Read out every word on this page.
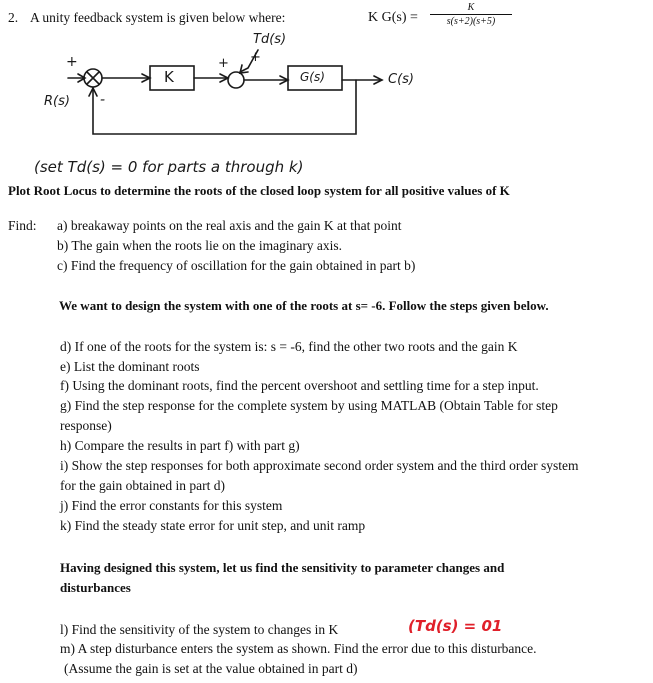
2. A unity feedback system is given below where:	K $G(s) = \frac{K}{s(s+2)(s+5)}$
Td(s)
+	+ +
K	G(s)	C(s)
R(s) -
(set Td(s) = 0 for parts a through k)
Plot Root Locus to determine the roots of the closed loop system for all positive values of K
Find: a) breakaway points on the real axis and the gain K at that point
b) The gain when the roots lie on the imaginary axis.
c) Find the frequency of oscillation for the gain obtained in part b)
We want to design the system with one of the roots at s= -6. Follow the steps given below.
d) If one of the roots for the system is: s = -6, find the other two roots and the gain K
e) List the dominant roots
f) Using the dominant roots, find the percent overshoot and settling time for a step input.
g) Find the step response for the complete system by using MATLAB (Obtain Table for step
response)
h) Compare the results in part f) with part g)
i) Show the step responses for both approximate second order system and the third order system
for the gain obtained in part d)
j) Find the error constants for this system
k) Find the steady state error for unit step, and unit ramp
Having designed this system, let us find the sensitivity to parameter changes and
disturbances
l) Find the sensitivity of the system to changes in K	(Td(s) = 01
m) A step disturbance enters the system as shown. Find the error due to this disturbance.
(Assume the gain is set at the value obtained in part d)
